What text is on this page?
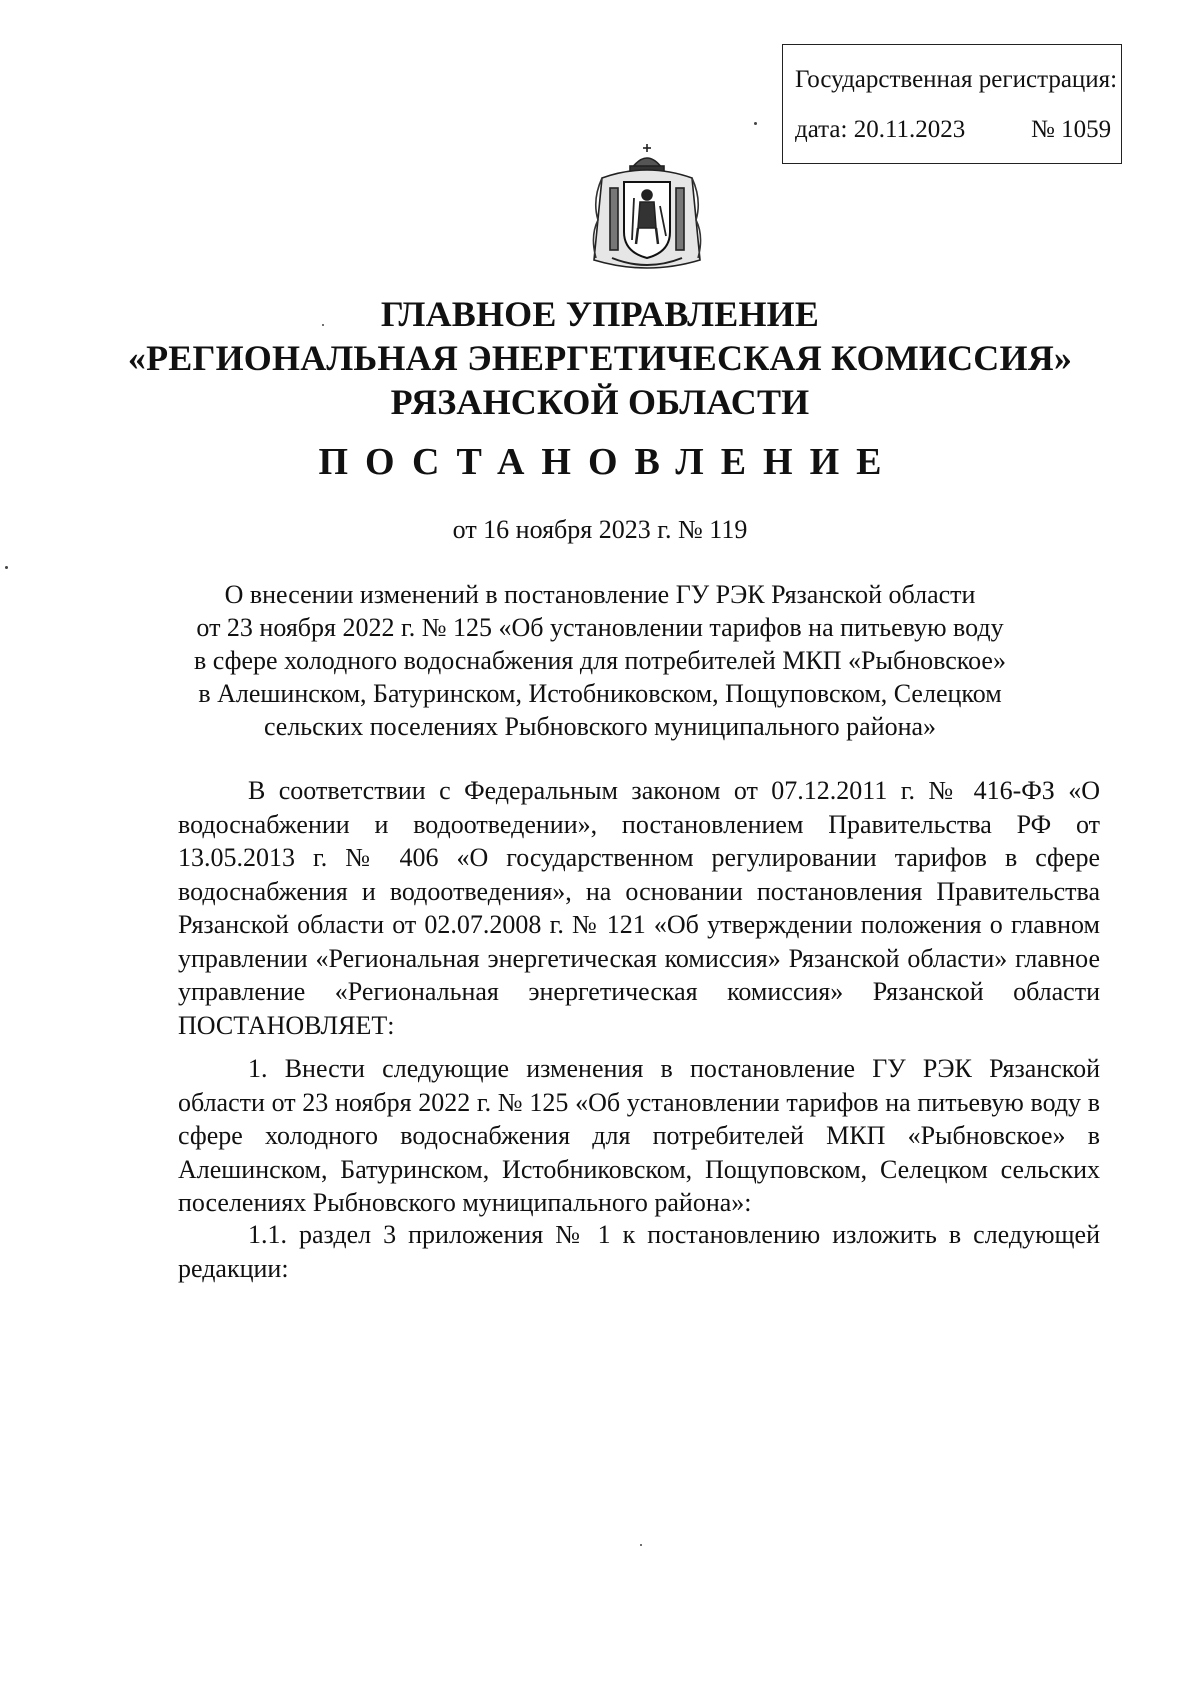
Государственная регистрация:
дата: 20.11.2023	№ 1059
ГЛАВНОЕ УПРАВЛЕНИЕ
«РЕГИОНАЛЬНАЯ ЭНЕРГЕТИЧЕСКАЯ КОМИССИЯ»
РЯЗАНСКОЙ ОБЛАСТИ
ПОСТАНОВЛЕНИЕ
от 16 ноября 2023 г. № 119
О внесении изменений в постановление ГУ РЭК Рязанской области
от 23 ноября 2022 г. № 125 «Об установлении тарифов на питьевую воду
в сфере холодного водоснабжения для потребителей МКП «Рыбновское»
в Алешинском, Батуринском, Истобниковском, Пощуповском, Селецком
сельских поселениях Рыбновского муниципального района»
В соответствии с Федеральным законом от 07.12.2011 г. № 416-ФЗ «О водоснабжении и водоотведении», постановлением Правительства РФ от 13.05.2013 г. № 406 «О государственном регулировании тарифов в сфере водоснабжения и водоотведения», на основании постановления Правительства Рязанской области от 02.07.2008 г. № 121 «Об утверждении положения о главном управлении «Региональная энергетическая комиссия» Рязанской области» главное управление «Региональная энергетическая комиссия» Рязанской области ПОСТАНОВЛЯЕТ:
1. Внести следующие изменения в постановление ГУ РЭК Рязанской области от 23 ноября 2022 г. № 125 «Об установлении тарифов на питьевую воду в сфере холодного водоснабжения для потребителей МКП «Рыбновское» в Алешинском, Батуринском, Истобниковском, Пощуповском, Селецком сельских поселениях Рыбновского муниципального района»:
1.1. раздел 3 приложения № 1 к постановлению изложить в следующей редакции:
